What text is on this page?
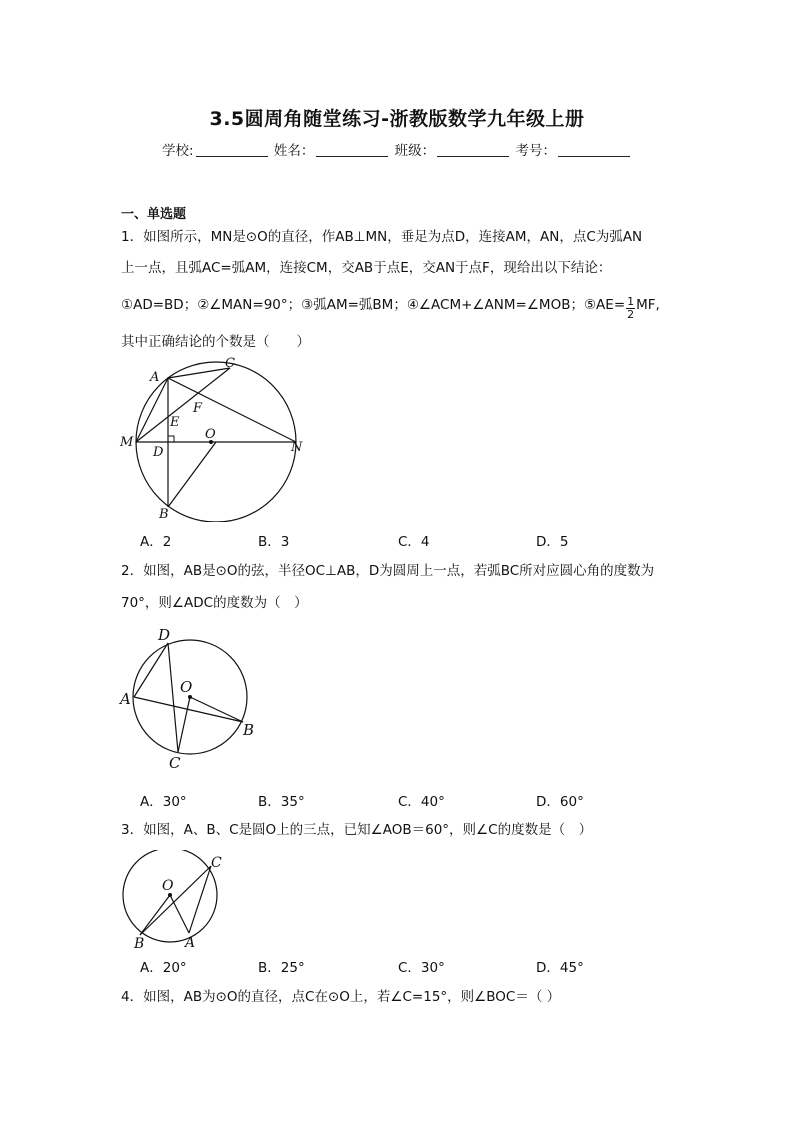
3.5圆周角随堂练习-浙教版数学九年级上册
学校:	姓名：	班级：	考号：
一、单选题
1．如图所示，MN是⊙O的直径，作AB⊥MN，垂足为点D，连接AM，AN，点C为弧AN
上一点，且弧AC=弧AM，连接CM，交AB于点E，交AN于点F，现给出以下结论：
①AD=BD；②∠MAN=90°；③弧AM=弧BM；④∠ACM+∠ANM=∠MOB；⑤AE= $\frac{1}{2}$ MF,
其中正确结论的个数是（　　）
A
C
E
F
M
D
O
N
B
A．2	B．3	C．4	D．5
2．如图，AB是⊙O的弦，半径OC⊥AB，D为圆周上一点，若弧BC所对应圆心角的度数为
70°，则∠ADC的度数为（　）
D
A
O
B
C
A．30°	B．35°	C．40°	D．60°
3．如图，A、B、C是圆O上的三点，已知∠AOB＝60°，则∠C的度数是（　）
O
C
B	A
A．20°	B．25°	C．30°	D．45°
4．如图，AB为⊙O的直径，点C在⊙O上，若∠C=15°，则∠BOC＝（ ）
